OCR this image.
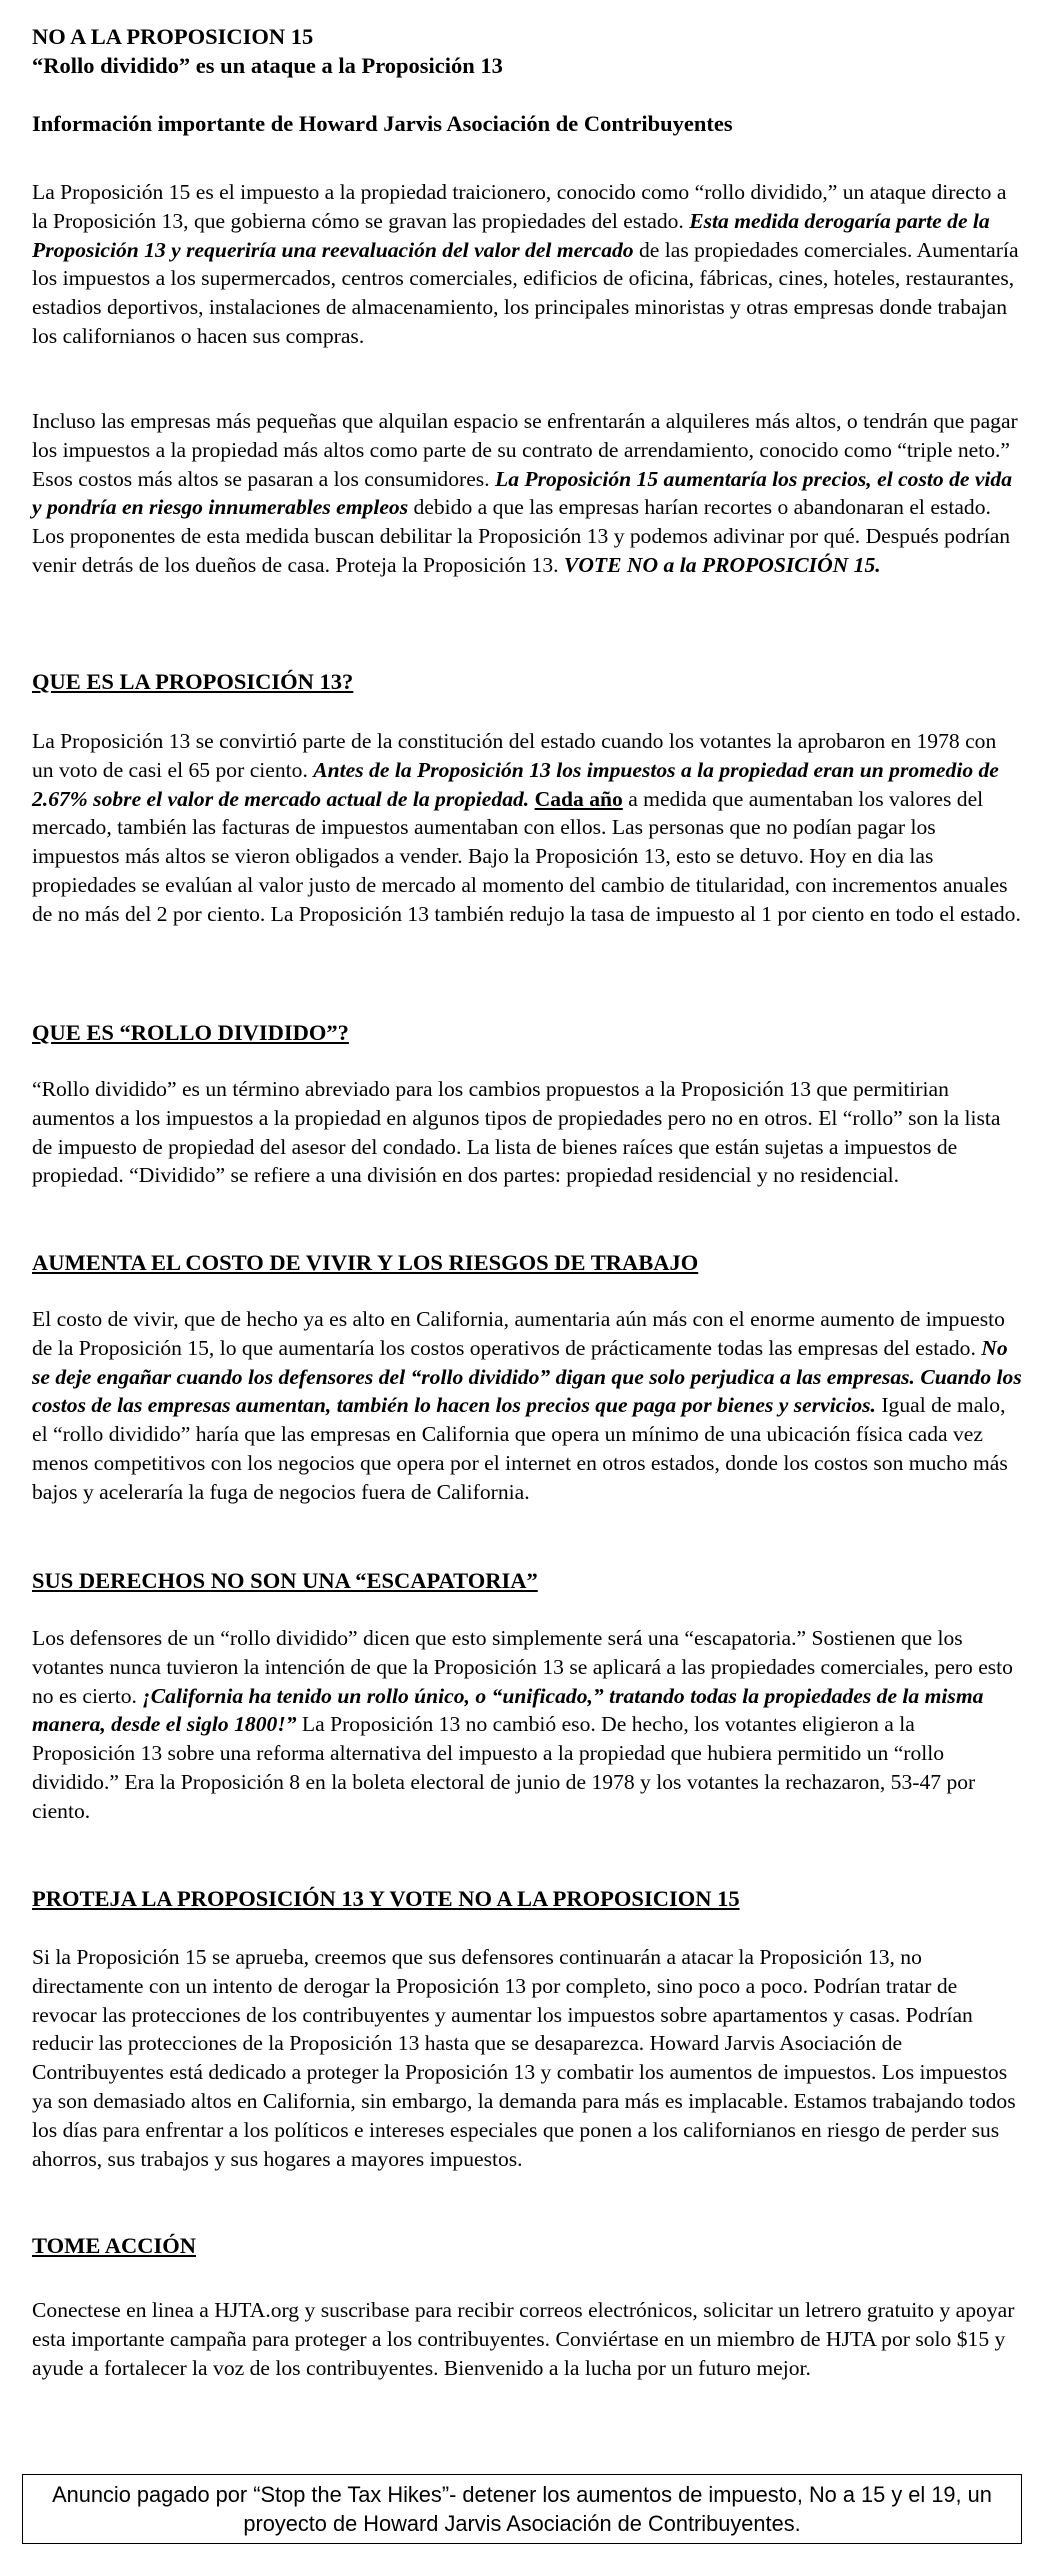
NO A LA PROPOSICION 15

“Rollo dividido” es un ataque a la Proposición 13

Información importante de Howard Jarvis Asociación de Contribuyentes

La Proposición 15 es el impuesto a la propiedad traicionero, conocido como “rollo dividido,” un ataque directo a la Proposición 13, que gobierna cómo se gravan las propiedades del estado. Esta medida derogaría parte de la Proposición 13 y requeriría una reevaluación del valor del mercado de las propiedades comerciales. Aumentaría los impuestos a los supermercados, centros comerciales, edificios de oficina, fábricas, cines, hoteles, restaurantes, estadios deportivos, instalaciones de almacenamiento, los principales minoristas y otras empresas donde trabajan los californianos o hacen sus compras.

Incluso las empresas más pequeñas que alquilan espacio se enfrentarán a alquileres más altos, o tendrán que pagar los impuestos a la propiedad más altos como parte de su contrato de arrendamiento, conocido como “triple neto.” Esos costos más altos se pasaran a los consumidores. La Proposición 15 aumentaría los precios, el costo de vida y pondría en riesgo innumerables empleos debido a que las empresas harían recortes o abandonaran el estado. Los proponentes de esta medida buscan debilitar la Proposición 13 y podemos adivinar por qué. Después podrían venir detrás de los dueños de casa. Proteja la Proposición 13. VOTE NO a la PROPOSICIÓN 15.

QUE ES LA PROPOSICIÓN 13?

La Proposición 13 se convirtió parte de la constitución del estado cuando los votantes la aprobaron en 1978 con un voto de casi el 65 por ciento. Antes de la Proposición 13 los impuestos a la propiedad eran un promedio de 2.67% sobre el valor de mercado actual de la propiedad. Cada año a medida que aumentaban los valores del mercado, también las facturas de impuestos aumentaban con ellos. Las personas que no podían pagar los impuestos más altos se vieron obligados a vender. Bajo la Proposición 13, esto se detuvo. Hoy en dia las propiedades se evalúan al valor justo de mercado al momento del cambio de titularidad, con incrementos anuales de no más del 2 por ciento. La Proposición 13 también redujo la tasa de impuesto al 1 por ciento en todo el estado.

QUE ES “ROLLO DIVIDIDO”?

“Rollo dividido” es un término abreviado para los cambios propuestos a la Proposición 13 que permitirian aumentos a los impuestos a la propiedad en algunos tipos de propiedades pero no en otros. El “rollo” son la lista de impuesto de propiedad del asesor del condado. La lista de bienes raíces que están sujetas a impuestos de propiedad. “Dividido” se refiere a una división en dos partes: propiedad residencial y no residencial.

AUMENTA EL COSTO DE VIVIR Y LOS RIESGOS DE TRABAJO

El costo de vivir, que de hecho ya es alto en California, aumentaria aún más con el enorme aumento de impuesto de la Proposición 15, lo que aumentaría los costos operativos de prácticamente todas las empresas del estado. No se deje engañar cuando los defensores del “rollo dividido” digan que solo perjudica a las empresas. Cuando los costos de las empresas aumentan, también lo hacen los precios que paga por bienes y servicios. Igual de malo, el “rollo dividido” haría que las empresas en California que opera un mínimo de una ubicación física cada vez menos competitivos con los negocios que opera por el internet en otros estados, donde los costos son mucho más bajos y aceleraría la fuga de negocios fuera de California.

SUS DERECHOS NO SON UNA “ESCAPATORIA”

Los defensores de un “rollo dividido” dicen que esto simplemente será una “escapatoria.” Sostienen que los votantes nunca tuvieron la intención de que la Proposición 13 se aplicará a las propiedades comerciales, pero esto no es cierto. ¡California ha tenido un rollo único, o “unificado,” tratando todas la propiedades de la misma manera, desde el siglo 1800!” La Proposición 13 no cambió eso. De hecho, los votantes eligieron a la Proposición 13 sobre una reforma alternativa del impuesto a la propiedad que hubiera permitido un “rollo dividido.” Era la Proposición 8 en la boleta electoral de junio de 1978 y los votantes la rechazaron, 53-47 por ciento.

PROTEJA LA PROPOSICIÓN 13 Y VOTE NO A LA PROPOSICION 15

Si la Proposición 15 se aprueba, creemos que sus defensores continuarán a atacar la Proposición 13, no directamente con un intento de derogar la Proposición 13 por completo, sino poco a poco. Podrían tratar de revocar las protecciones de los contribuyentes y aumentar los impuestos sobre apartamentos y casas. Podrían reducir las protecciones de la Proposición 13 hasta que se desaparezca. Howard Jarvis Asociación de Contribuyentes está dedicado a proteger la Proposición 13 y combatir los aumentos de impuestos. Los impuestos ya son demasiado altos en California, sin embargo, la demanda para más es implacable. Estamos trabajando todos los días para enfrentar a los políticos e intereses especiales que ponen a los californianos en riesgo de perder sus ahorros, sus trabajos y sus hogares a mayores impuestos.

TOME ACCIÓN

Conectese en linea a HJTA.org y suscribase para recibir correos electrónicos, solicitar un letrero gratuito y apoyar esta importante campaña para proteger a los contribuyentes. Conviértase en un miembro de HJTA por solo $15 y ayude a fortalecer la voz de los contribuyentes. Bienvenido a la lucha por un futuro mejor.

Anuncio pagado por “Stop the Tax Hikes”- detener los aumentos de impuesto, No a 15 y el 19, un proyecto de Howard Jarvis Asociación de Contribuyentes.
